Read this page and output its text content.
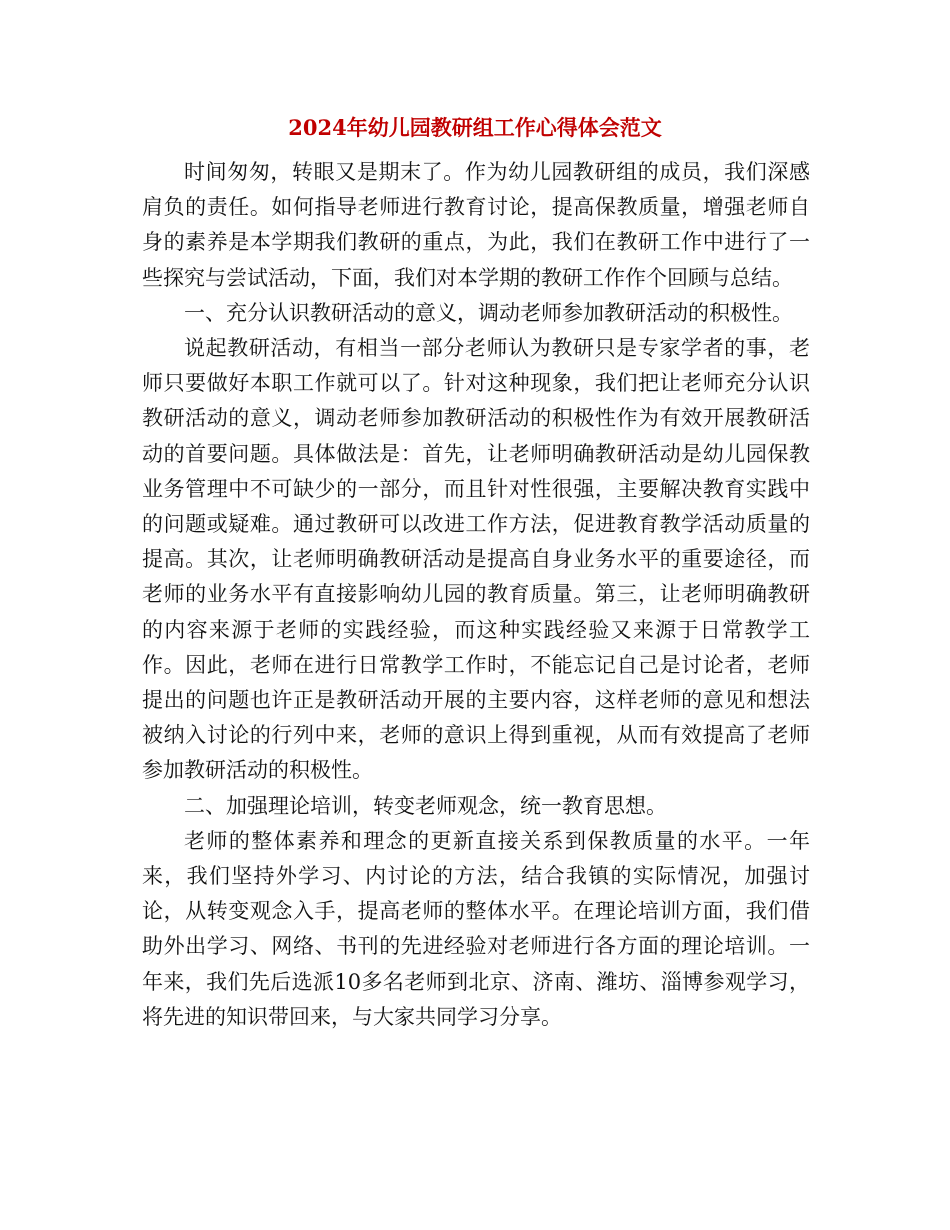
2024年幼儿园教研组工作心得体会范文

时间匆匆，转眼又是期末了。作为幼儿园教研组的成员，我们深感肩负的责任。如何指导老师进行教育讨论，提高保教质量，增强老师自身的素养是本学期我们教研的重点，为此，我们在教研工作中进行了一些探究与尝试活动，下面，我们对本学期的教研工作作个回顾与总结。

一、充分认识教研活动的意义，调动老师参加教研活动的积极性。

说起教研活动，有相当一部分老师认为教研只是专家学者的事，老师只要做好本职工作就可以了。针对这种现象，我们把让老师充分认识教研活动的意义，调动老师参加教研活动的积极性作为有效开展教研活动的首要问题。具体做法是：首先，让老师明确教研活动是幼儿园保教业务管理中不可缺少的一部分，而且针对性很强，主要解决教育实践中的问题或疑难。通过教研可以改进工作方法，促进教育教学活动质量的提高。其次，让老师明确教研活动是提高自身业务水平的重要途径，而老师的业务水平有直接影响幼儿园的教育质量。第三，让老师明确教研的内容来源于老师的实践经验，而这种实践经验又来源于日常教学工作。因此，老师在进行日常教学工作时，不能忘记自己是讨论者，老师提出的问题也许正是教研活动开展的主要内容，这样老师的意见和想法被纳入讨论的行列中来，老师的意识上得到重视，从而有效提高了老师参加教研活动的积极性。

二、加强理论培训，转变老师观念，统一教育思想。

老师的整体素养和理念的更新直接关系到保教质量的水平。一年来，我们坚持外学习、内讨论的方法，结合我镇的实际情况，加强讨论，从转变观念入手，提高老师的整体水平。在理论培训方面，我们借助外出学习、网络、书刊的先进经验对老师进行各方面的理论培训。一年来，我们先后选派10多名老师到北京、济南、潍坊、淄博参观学习，将先进的知识带回来，与大家共同学习分享。
